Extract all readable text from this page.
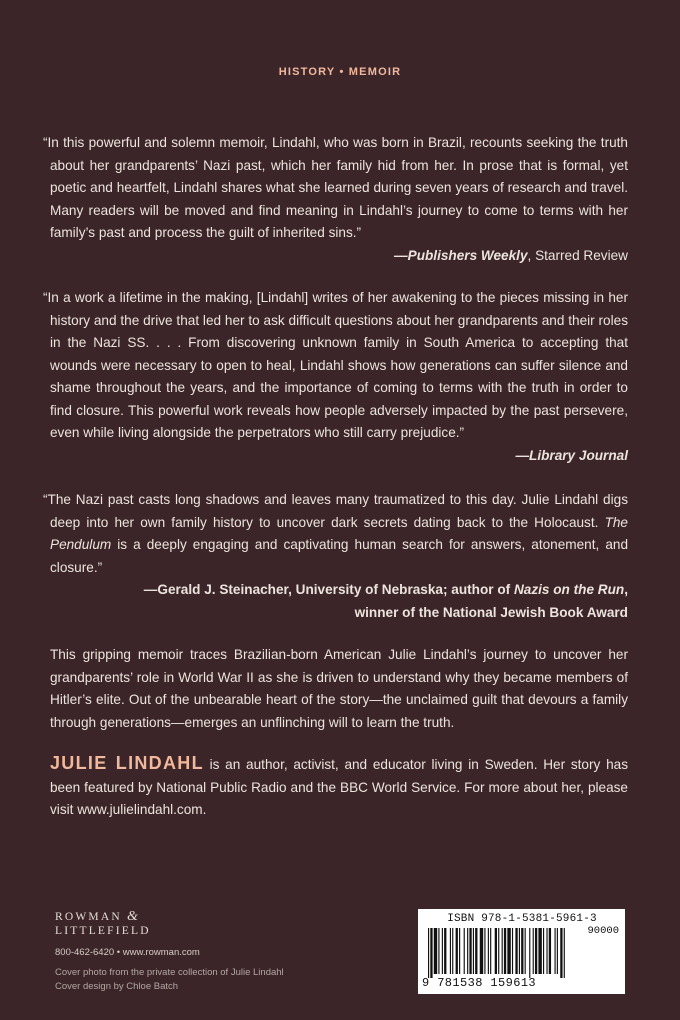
HISTORY • MEMOIR

“In this powerful and solemn memoir, Lindahl, who was born in Brazil, recounts seeking the truth about her grandparents’ Nazi past, which her family hid from her. In prose that is formal, yet poetic and heartfelt, Lindahl shares what she learned during seven years of research and travel. Many readers will be moved and find meaning in Lindahl’s journey to come to terms with her family’s past and process the guilt of inherited sins.”

—Publishers Weekly, Starred Review

“In a work a lifetime in the making, [Lindahl] writes of her awakening to the pieces missing in her history and the drive that led her to ask difficult questions about her grandparents and their roles in the Nazi SS. . . . From discovering unknown family in South America to accepting that wounds were necessary to open to heal, Lindahl shows how generations can suffer silence and shame throughout the years, and the importance of coming to terms with the truth in order to find closure. This powerful work reveals how people adversely impacted by the past persevere, even while living alongside the perpetrators who still carry prejudice.”

—Library Journal

“The Nazi past casts long shadows and leaves many traumatized to this day. Julie Lindahl digs deep into her own family history to uncover dark secrets dating back to the Holocaust. The Pendulum is a deeply engaging and captivating human search for answers, atonement, and closure.”

—Gerald J. Steinacher, University of Nebraska; author of Nazis on the Run,
winner of the National Jewish Book Award

This gripping memoir traces Brazilian-born American Julie Lindahl’s journey to uncover her grandparents’ role in World War II as she is driven to understand why they became members of Hitler’s elite. Out of the unbearable heart of the story—the unclaimed guilt that devours a family through generations—emerges an unflinching will to learn the truth.

JULIE LINDAHL is an author, activist, and educator living in Sweden. Her story has been featured by National Public Radio and the BBC World Service. For more about her, please visit www.julielindahl.com.

ROWMAN &
LITTLEFIELD
800-462-6420 • www.rowman.com
Cover photo from the private collection of Julie Lindahl
Cover design by Chloe Batch
ISBN 978-1-5381-5961-3
90000
9 781538 159613
